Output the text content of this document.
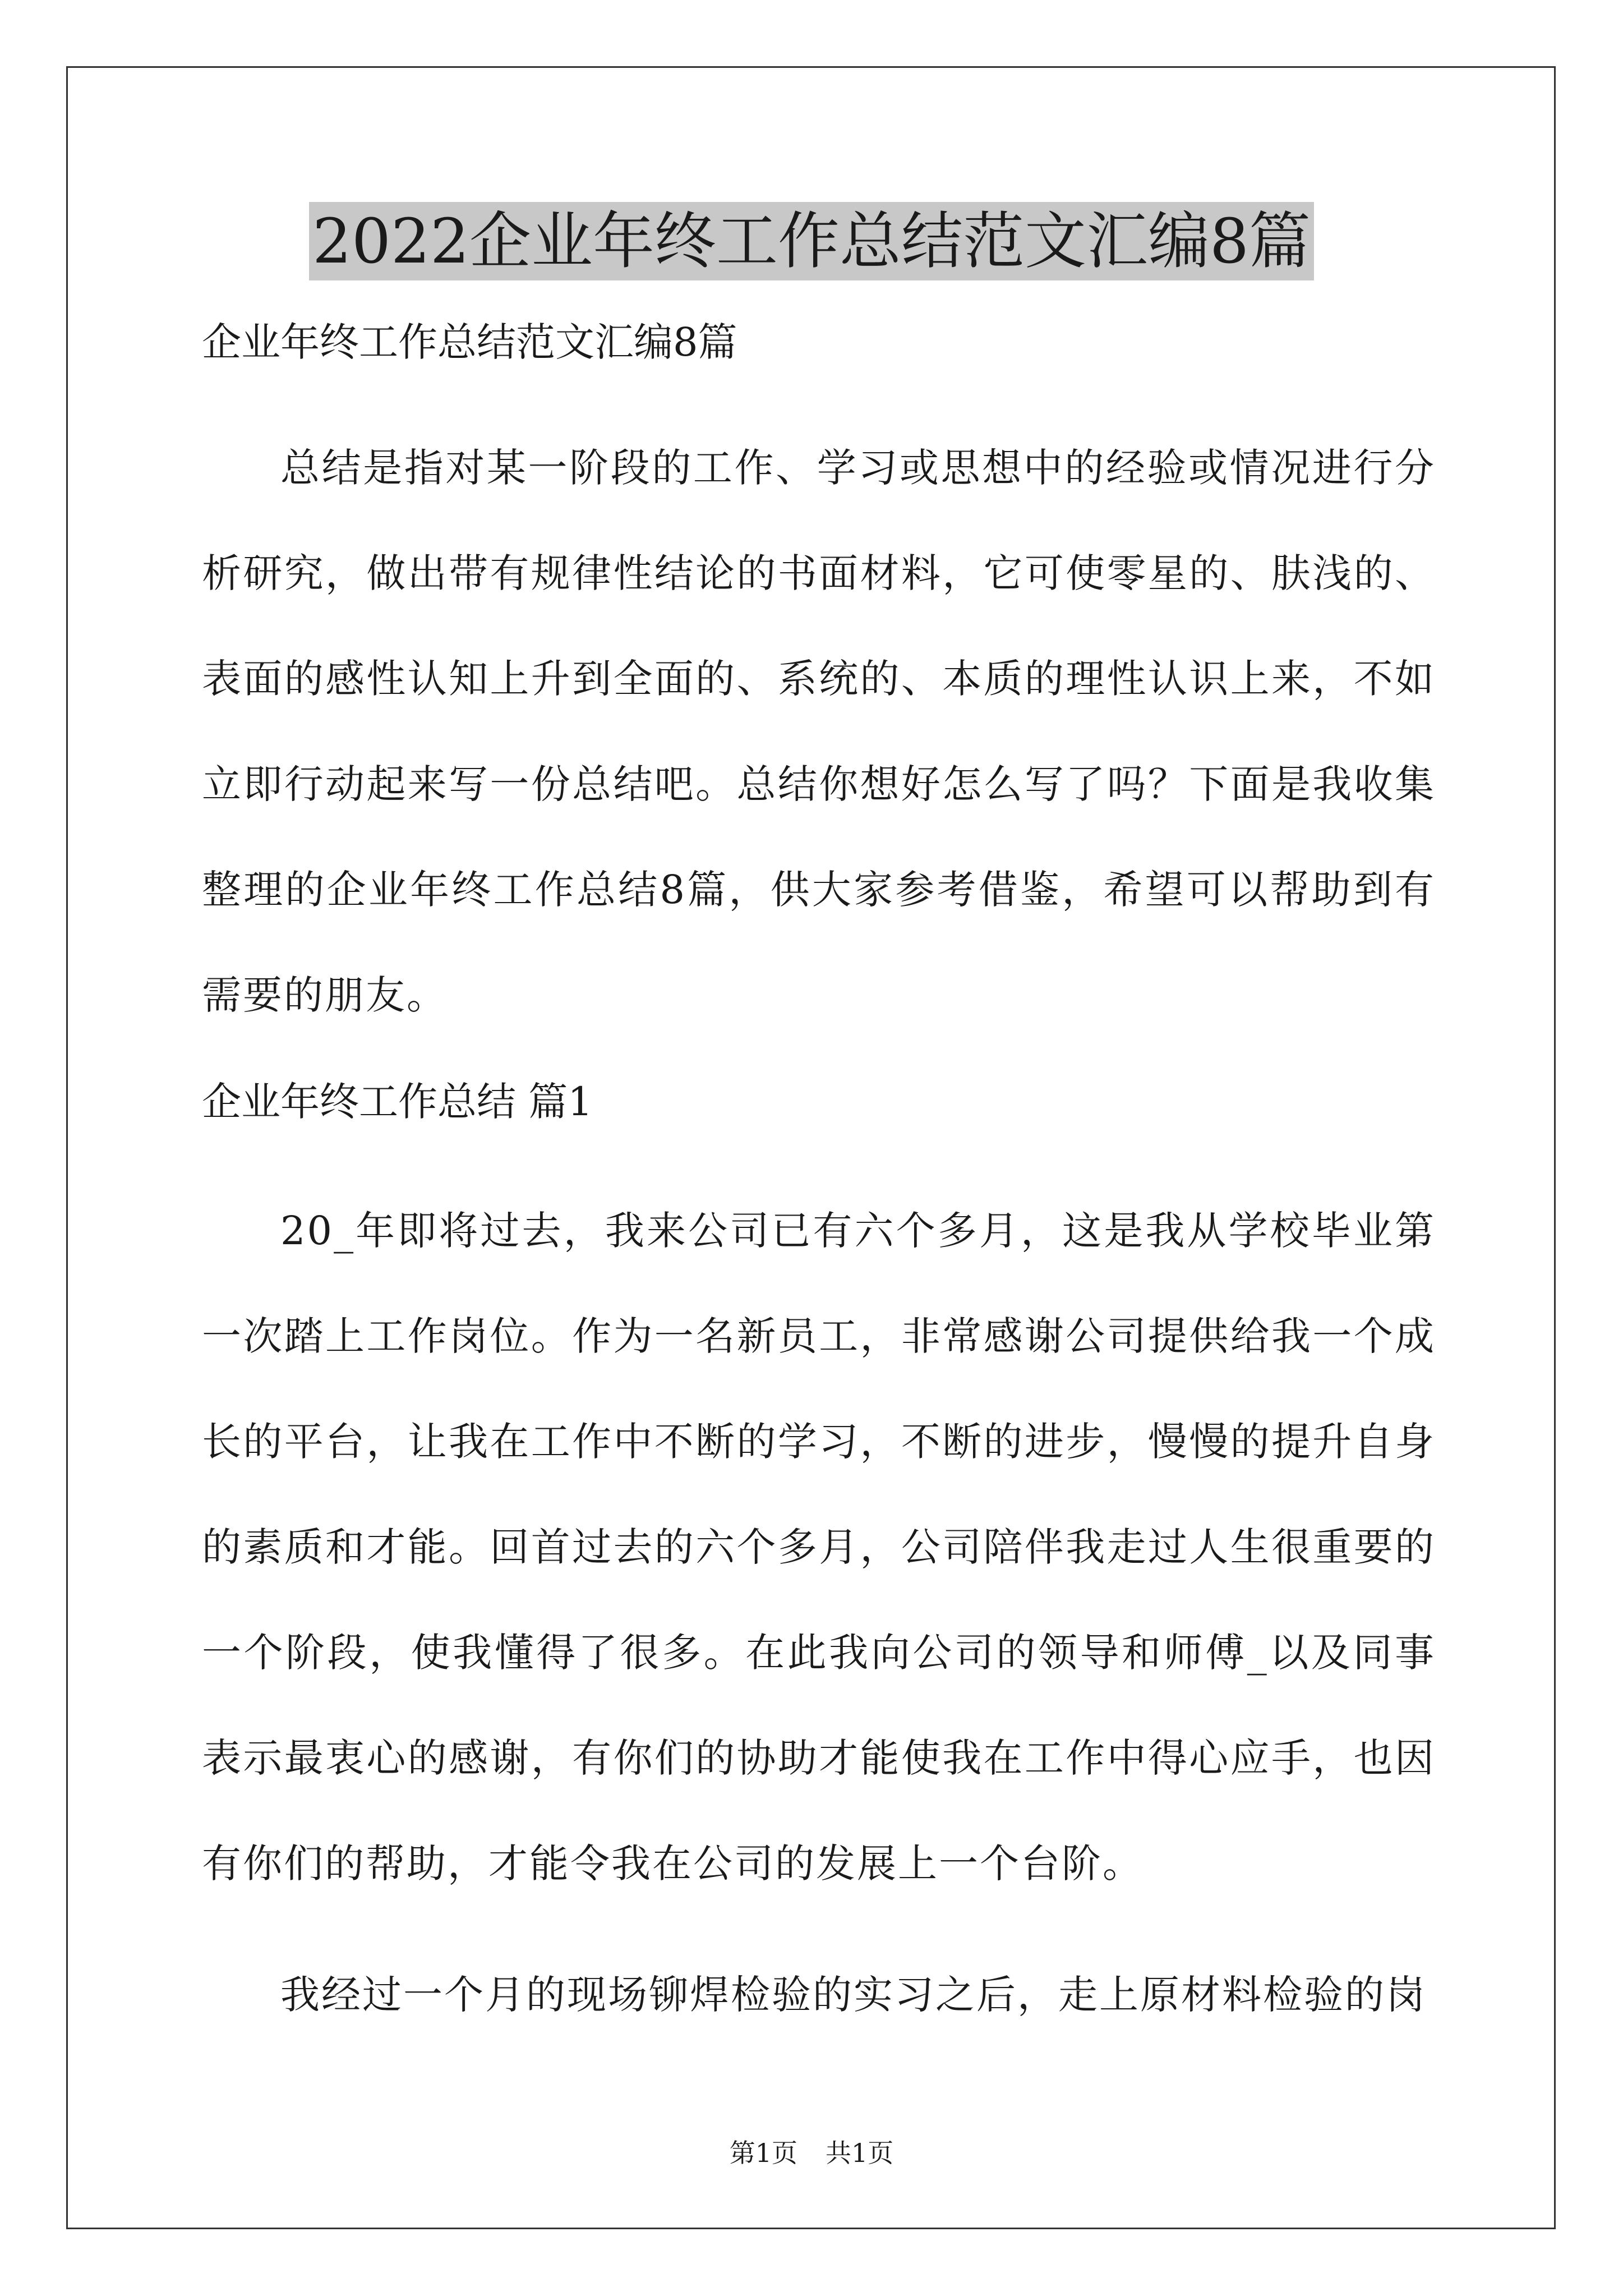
2022企业年终工作总结范文汇编8篇

企业年终工作总结范文汇编8篇

总结是指对某一阶段的工作、学习或思想中的经验或情况进行分析研究，做出带有规律性结论的书面材料，它可使零星的、肤浅的、表面的感性认知上升到全面的、系统的、本质的理性认识上来，不如立即行动起来写一份总结吧。总结你想好怎么写了吗？下面是我收集整理的企业年终工作总结8篇，供大家参考借鉴，希望可以帮助到有需要的朋友。

企业年终工作总结 篇1

20_年即将过去，我来公司已有六个多月，这是我从学校毕业第一次踏上工作岗位。作为一名新员工，非常感谢公司提供给我一个成长的平台，让我在工作中不断的学习，不断的进步，慢慢的提升自身的素质和才能。回首过去的六个多月，公司陪伴我走过人生很重要的一个阶段，使我懂得了很多。在此我向公司的领导和师傅_以及同事表示最衷心的感谢，有你们的协助才能使我在工作中得心应手，也因有你们的帮助，才能令我在公司的发展上一个台阶。

我经过一个月的现场铆焊检验的实习之后，走上原材料检验的岗

第1页 共1页
